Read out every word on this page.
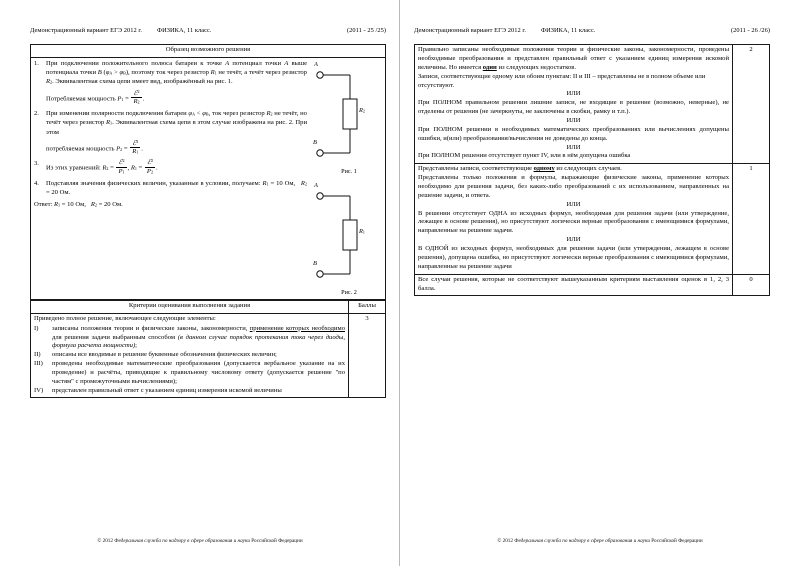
Демонстрационный вариант ЕГЭ 2012 г.	ФИЗИКА, 11 класс.	(2011 - 25 /25)
Образец возможного решения

При подключении положительного полюса батареи к точке A потенциал точки A выше потенциала точки B $(\varphi_A > \varphi_B)$, поэтому ток через резистор $R_1$ не течёт, а течёт через резистор $R_2$. Эквивалентная схема цепи имеет вид, изображённый на рис. 1.
Потребляемая мощность $P_1 = \frac{ℰ^2}{R_2}$ .
При изменении полярности подключения батареи $\varphi_A < \varphi_B$, ток через резистор $R_2$ не течёт, но течёт через резистор $R_1$. Эквивалентная схема цепи в этом случае изображена на рис. 2. При этом
потребляемая мощность $P_2 = \frac{ℰ^2}{R_1}$ .
Из этих уравнений: $R_2 = \frac{ℰ^2}{P_1}$ , $R_1 = \frac{ℰ^2}{P_2}$ .
Подставляя значения физических величин, указанные в условии, получаем: $R_1 = 10$ Ом, $R_2 = 20$ Ом.
Ответ: $R_1 = 10$ Ом, $R_2 = 20$ Ом.
A
B
$R_2$
Рис. 1
A
B
$R_1$
Рис. 2
Критерии оценивания выполнения задания	Баллы

Приведено полное решение, включающее следующие элементы:
I)	записаны положения теории и физические законы, закономерности, применение которых необходимо для решения задачи выбранным способом (в данном случае порядок протекания тока через диоды, формула расчета мощности);
II)	описаны все вводимые в решение буквенные обозначения физических величин;
III)	проведены необходимые математические преобразования (допускается вербальное указание на их проведение) и расчёты, приводящие к правильному числовому ответу (допускается решение "по частям" с промежуточными вычислениями);
IV)	представлен правильный ответ с указанием единиц измерения искомой величины
	3
© 2012 Федеральная служба по надзору в сфере образования и науки Российской Федерации
Демонстрационный вариант ЕГЭ 2012 г.	ФИЗИКА, 11 класс.	(2011 - 26 /26)
Правильно записаны необходимые положения теории и физические законы, закономерности, проведены необходимые преобразования и представлен правильный ответ с указанием единиц измерения искомой величины. Но имеется один из следующих недостатков.
Записи, соответствующие одному или обоим пунктам: II и III – представлены не в полном объеме или отсутствуют.
ИЛИ
При ПОЛНОМ правильном решении лишние записи, не входящие в решение (возможно, неверные), не отделены от решения (не зачеркнуты, не заключены в скобки, рамку и т.п.).
ИЛИ
При ПОЛНОМ решении в необходимых математических преобразованиях или вычислениях допущены ошибки, и(или) преобразования/вычисления не доведены до конца.
ИЛИ
При ПОЛНОМ решении отсутствует пункт IV, или в нём допущена ошибка
	2

Представлены записи, соответствующие одному из следующих случаев.
Представлены только положения и формулы, выражающие физические законы, применение которых необходимо для решения задачи, без каких-либо преобразований с их использованием, направленных на решение задачи, и ответа.
ИЛИ
В решении отсутствует ОДНА из исходных формул, необходимая для решения задачи (или утверждение, лежащее в основе решения), но присутствуют логически верные преобразования с имеющимися формулами, направленные на решение задачи.
ИЛИ
В ОДНОЙ из исходных формул, необходимых для решения задачи (или утверждении, лежащем в основе решения), допущена ошибка, но присутствуют логически верные преобразования с имеющимися формулами, направленные на решение задачи
	1

Все случаи решения, которые не соответствуют вышеуказанным критериям выставления оценок в 1, 2, 3 балла.	0
© 2012 Федеральная служба по надзору в сфере образования и науки Российской Федерации
